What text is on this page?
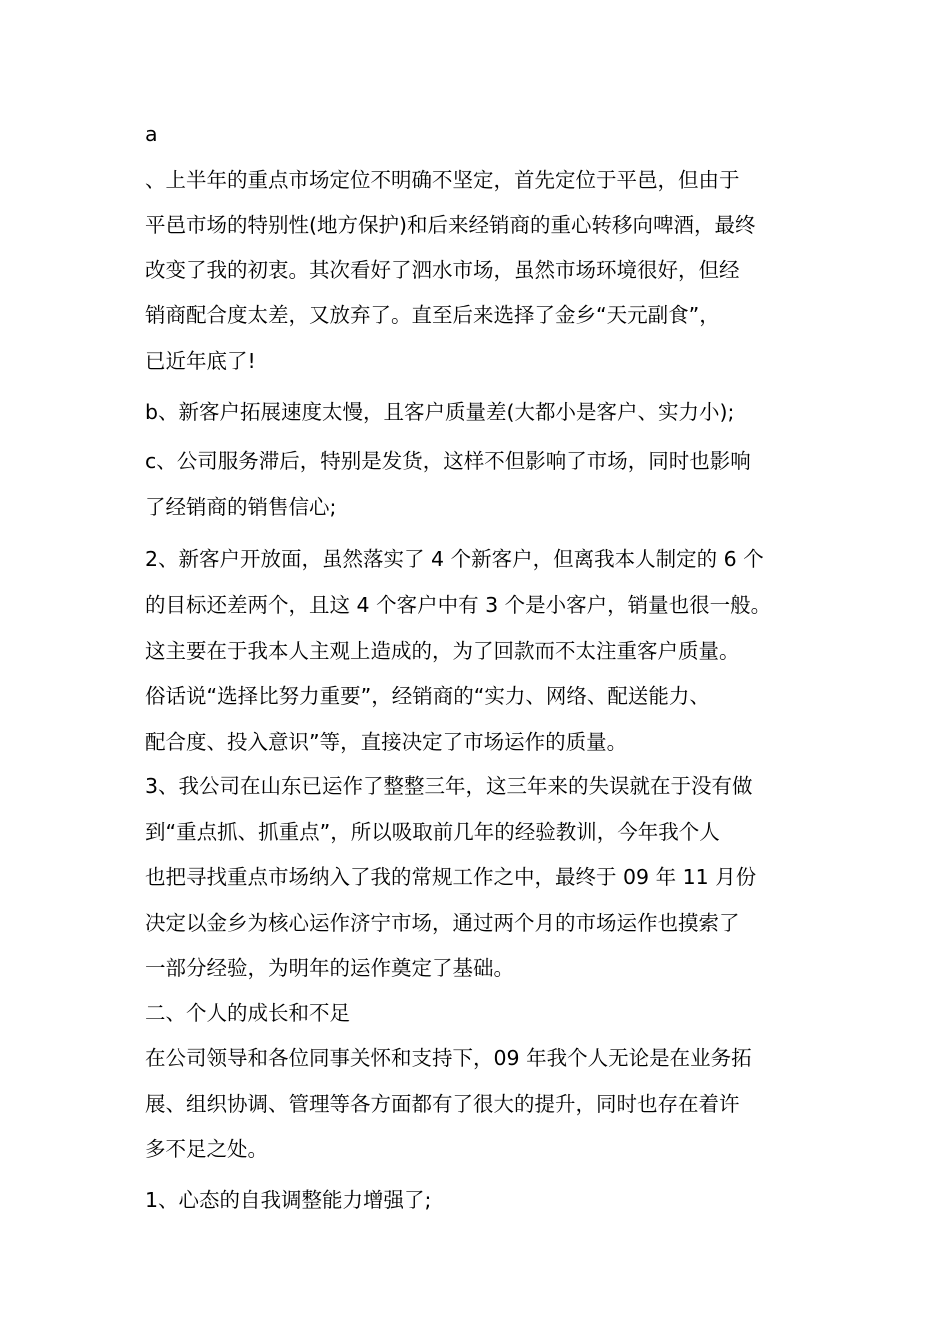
a
、上半年的重点市场定位不明确不坚定，首先定位于平邑，但由于
平邑市场的特别性(地方保护)和后来经销商的重心转移向啤酒，最终
改变了我的初衷。其次看好了泗水市场，虽然市场环境很好，但经
销商配合度太差，又放弃了。直至后来选择了金乡“天元副食”，
已近年底了!
b、新客户拓展速度太慢，且客户质量差(大都小是客户、实力小);
c、公司服务滞后，特别是发货，这样不但影响了市场，同时也影响
了经销商的销售信心;
2、新客户开放面，虽然落实了 4 个新客户，但离我本人制定的 6 个
的目标还差两个，且这 4 个客户中有 3 个是小客户，销量也很一般。
这主要在于我本人主观上造成的，为了回款而不太注重客户质量。
俗话说“选择比努力重要”，经销商的“实力、网络、配送能力、
配合度、投入意识”等，直接决定了市场运作的质量。
3、我公司在山东已运作了整整三年，这三年来的失误就在于没有做
到“重点抓、抓重点”，所以吸取前几年的经验教训，今年我个人
也把寻找重点市场纳入了我的常规工作之中，最终于 09 年 11 月份
决定以金乡为核心运作济宁市场，通过两个月的市场运作也摸索了
一部分经验，为明年的运作奠定了基础。
二、个人的成长和不足
在公司领导和各位同事关怀和支持下，09 年我个人无论是在业务拓
展、组织协调、管理等各方面都有了很大的提升，同时也存在着许
多不足之处。
1、心态的自我调整能力增强了;
